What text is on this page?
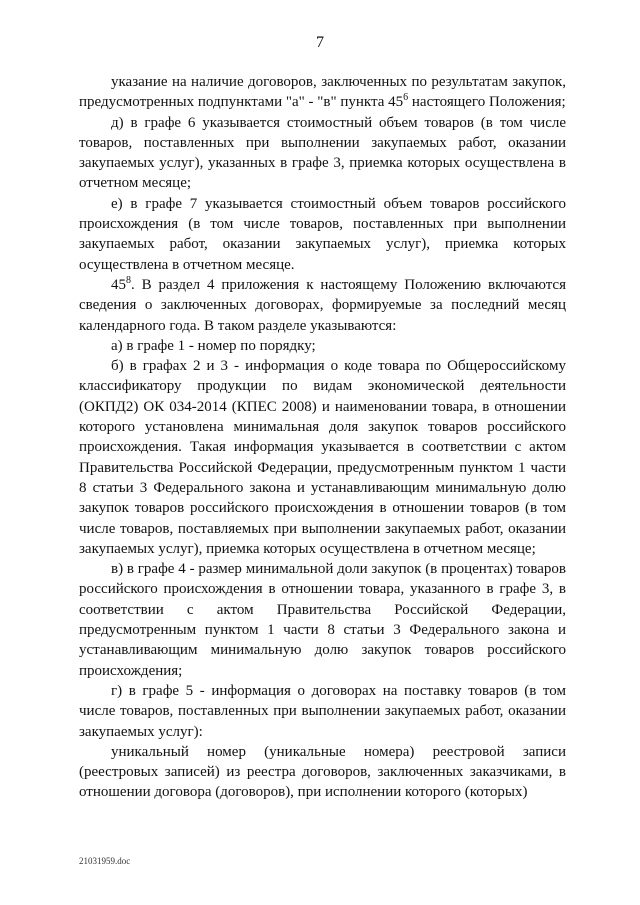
7

указание на наличие договоров, заключенных по результатам закупок, предусмотренных подпунктами "а" - "в" пункта $45^6$ настоящего Положения;

д) в графе 6 указывается стоимостный объем товаров (в том числе товаров, поставленных при выполнении закупаемых работ, оказании закупаемых услуг), указанных в графе 3, приемка которых осуществлена в отчетном месяце;

е) в графе 7 указывается стоимостный объем товаров российского происхождения (в том числе товаров, поставленных при выполнении закупаемых работ, оказании закупаемых услуг), приемка которых осуществлена в отчетном месяце.

$45^8$. В раздел 4 приложения к настоящему Положению включаются сведения о заключенных договорах, формируемые за последний месяц календарного года. В таком разделе указываются:

а) в графе 1 - номер по порядку;

б) в графах 2 и 3 - информация о коде товара по Общероссийскому классификатору продукции по видам экономической деятельности (ОКПД2) ОК 034-2014 (КПЕС 2008) и наименовании товара, в отношении которого установлена минимальная доля закупок товаров российского происхождения. Такая информация указывается в соответствии с актом Правительства Российской Федерации, предусмотренным пунктом 1 части 8 статьи 3 Федерального закона и устанавливающим минимальную долю закупок товаров российского происхождения в отношении товаров (в том числе товаров, поставляемых при выполнении закупаемых работ, оказании закупаемых услуг), приемка которых осуществлена в отчетном месяце;

в) в графе 4 - размер минимальной доли закупок (в процентах) товаров российского происхождения в отношении товара, указанного в графе 3, в соответствии с актом Правительства Российской Федерации, предусмотренным пунктом 1 части 8 статьи 3 Федерального закона и устанавливающим минимальную долю закупок товаров российского происхождения;

г) в графе 5 - информация о договорах на поставку товаров (в том числе товаров, поставленных при выполнении закупаемых работ, оказании закупаемых услуг):

уникальный номер (уникальные номера) реестровой записи (реестровых записей) из реестра договоров, заключенных заказчиками, в отношении договора (договоров), при исполнении которого (которых)

21031959.doc
